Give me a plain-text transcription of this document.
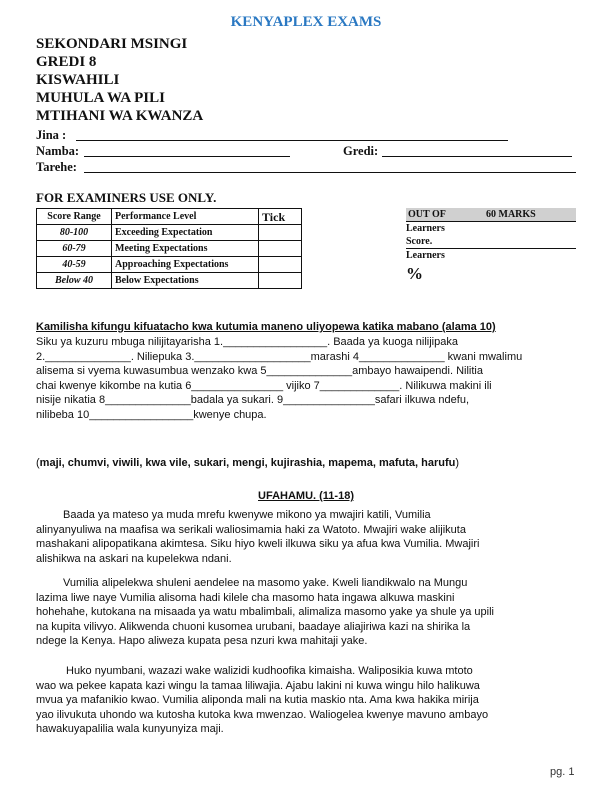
KENYAPLEX EXAMS
SEKONDARI MSINGI
GREDI 8
KISWAHILI
MUHULA WA PILI
MTIHANI WA KWANZA
Jina :
Namba:	Gredi:
Tarehe:
FOR EXAMINERS USE ONLY.
Score Range	Performance Level	Tick
80-100	Exceeding Expectation	
60-79	Meeting Expectations	
40-59	Approaching Expectations	
Below 40	Below Expectations	
OUT OF	60 MARKS
Learners
Score.
Learners
%
Kamilisha kifungu kifuatacho kwa kutumia maneno uliyopewa katika mabano (alama 10)
Siku ya kuzuru mbuga nilijitayarisha 1._________________. Baada ya kuoga nilijipaka
2.______________. Niliepuka 3.___________________marashi 4______________ kwani mwalimu
alisema si vyema kuwasumbua wenzako kwa 5______________ambayo hawaipendi. Nilitia
chai kwenye kikombe na kutia 6_______________ vijiko 7_____________. Nilikuwa makini ili
nisije nikatia 8______________badala ya sukari. 9_______________safari ilkuwa ndefu,
nilibeba 10_________________kwenye chupa.
(maji, chumvi, viwili, kwa vile, sukari, mengi, kujirashia, mapema, mafuta, harufu)
UFAHAMU. (11-18)
Baada ya mateso ya muda mrefu kwenywe mikono ya mwajiri katili, Vumilia
alinyanyuliwa na maafisa wa serikali waliosimamia haki za Watoto. Mwajiri wake alijikuta
mashakani alipopatikana akimtesa. Siku hiyo kweli ilkuwa siku ya afua kwa Vumilia. Mwajiri
alishikwa na askari na kupelekwa ndani.
Vumilia alipelekwa shuleni aendelee na masomo yake. Kweli liandikwalo na Mungu
lazima liwe naye Vumilia alisoma hadi kilele cha masomo hata ingawa alkuwa maskini
hohehahe, kutokana na misaada ya watu mbalimbali, alimaliza masomo yake ya shule ya upili
na kupita vilivyo. Alikwenda chuoni kusomea urubani, baadaye aliajiriwa kazi na shirika la
ndege la Kenya. Hapo aliweza kupata pesa nzuri kwa mahitaji yake.
Huko nyumbani, wazazi wake walizidi kudhoofika kimaisha. Waliposikia kuwa mtoto
wao wa pekee kapata kazi wingu la tamaa liliwajia. Ajabu lakini ni kuwa wingu hilo halikuwa
mvua ya mafanikio kwao. Vumilia aliponda mali na kutia maskio nta. Ama kwa hakika mirija
yao ilivukuta uhondo wa kutosha kutoka kwa mwenzao. Waliogelea kwenye mavuno ambayo
hawakuyapalilia wala kunyunyiza maji.
pg. 1
